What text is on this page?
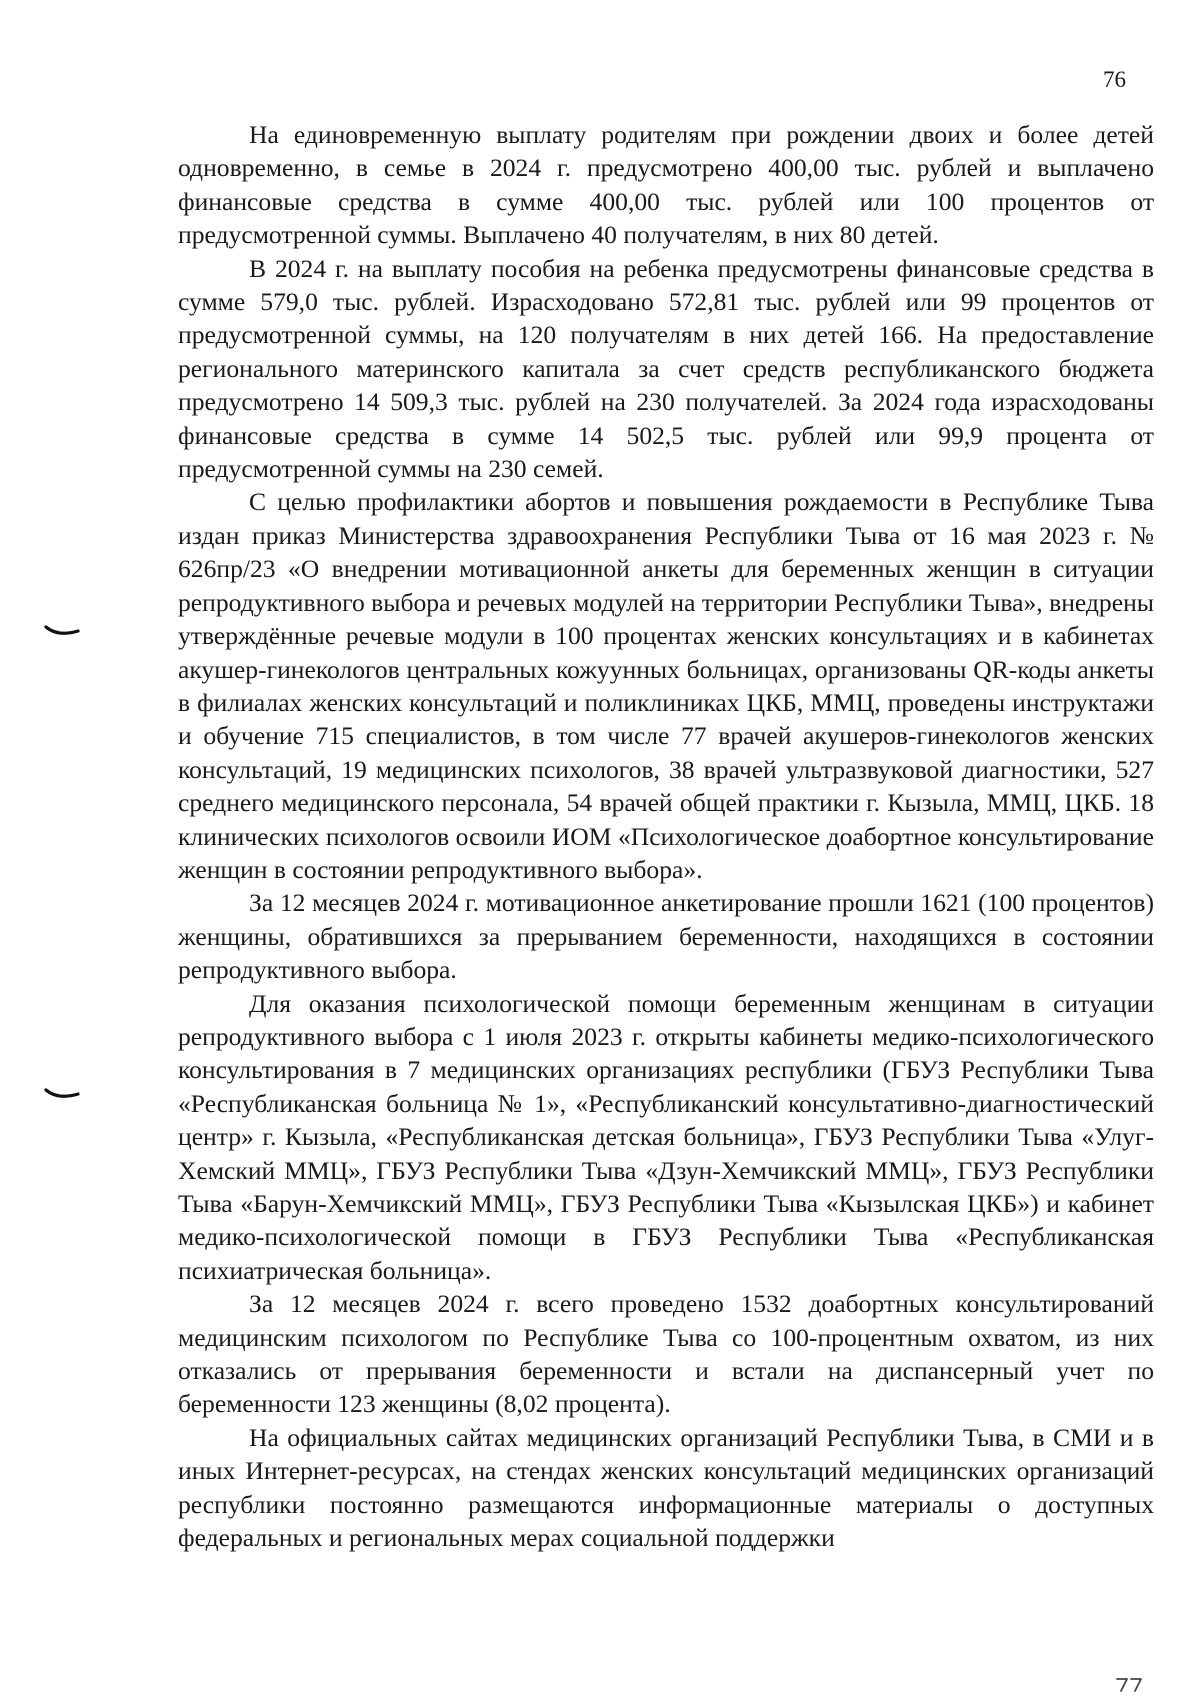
76

На единовременную выплату родителям при рождении двоих и более детей одновременно, в семье в 2024 г. предусмотрено 400,00 тыс. рублей и выплачено финансовые средства в сумме 400,00 тыс. рублей или 100 процентов от предусмотренной суммы. Выплачено 40 получателям, в них 80 детей.

В 2024 г. на выплату пособия на ребенка предусмотрены финансовые средства в сумме 579,0 тыс. рублей. Израсходовано 572,81 тыс. рублей или 99 процентов от предусмотренной суммы, на 120 получателям в них детей 166. На предоставление регионального материнского капитала за счет средств республиканского бюджета предусмотрено 14 509,3 тыс. рублей на 230 получателей. За 2024 года израсходованы финансовые средства в сумме 14 502,5 тыс. рублей или 99,9 процента от предусмотренной суммы на 230 семей.

С целью профилактики абортов и повышения рождаемости в Республике Тыва издан приказ Министерства здравоохранения Республики Тыва от 16 мая 2023 г. № 626пр/23 «О внедрении мотивационной анкеты для беременных женщин в ситуации репродуктивного выбора и речевых модулей на территории Республики Тыва», внедрены утверждённые речевые модули в 100 процентах женских консультациях и в кабинетах акушер-гинекологов центральных кожуунных больницах, организованы QR-коды анкеты в филиалах женских консультаций и поликлиниках ЦКБ, ММЦ, проведены инструктажи и обучение 715 специалистов, в том числе 77 врачей акушеров-гинекологов женских консультаций, 19 медицинских психологов, 38 врачей ультразвуковой диагностики, 527 среднего медицинского персонала, 54 врачей общей практики г. Кызыла, ММЦ, ЦКБ. 18 клинических психологов освоили ИОМ «Психологическое доабортное консультирование женщин в состоянии репродуктивного выбора».

За 12 месяцев 2024 г. мотивационное анкетирование прошли 1621 (100 процентов) женщины, обратившихся за прерыванием беременности, находящихся в состоянии репродуктивного выбора.

Для оказания психологической помощи беременным женщинам в ситуации репродуктивного выбора с 1 июля 2023 г. открыты кабинеты медико-психологического консультирования в 7 медицинских организациях республики (ГБУЗ Республики Тыва «Республиканская больница № 1», «Республиканский консультативно-диагностический центр» г. Кызыла, «Республиканская детская больница», ГБУЗ Республики Тыва «Улуг-Хемский ММЦ», ГБУЗ Республики Тыва «Дзун-Хемчикский ММЦ», ГБУЗ Республики Тыва «Барун-Хемчикский ММЦ», ГБУЗ Республики Тыва «Кызылская ЦКБ») и кабинет медико-психологической помощи в ГБУЗ Республики Тыва «Республиканская психиатрическая больница».

За 12 месяцев 2024 г. всего проведено 1532 доабортных консультирований медицинским психологом по Республике Тыва со 100-процентным охватом, из них отказались от прерывания беременности и встали на диспансерный учет по беременности 123 женщины (8,02 процента).

На официальных сайтах медицинских организаций Республики Тыва, в СМИ и в иных Интернет-ресурсах, на стендах женских консультаций медицинских организаций республики постоянно размещаются информационные материалы о доступных федеральных и региональных мерах социальной поддержки
